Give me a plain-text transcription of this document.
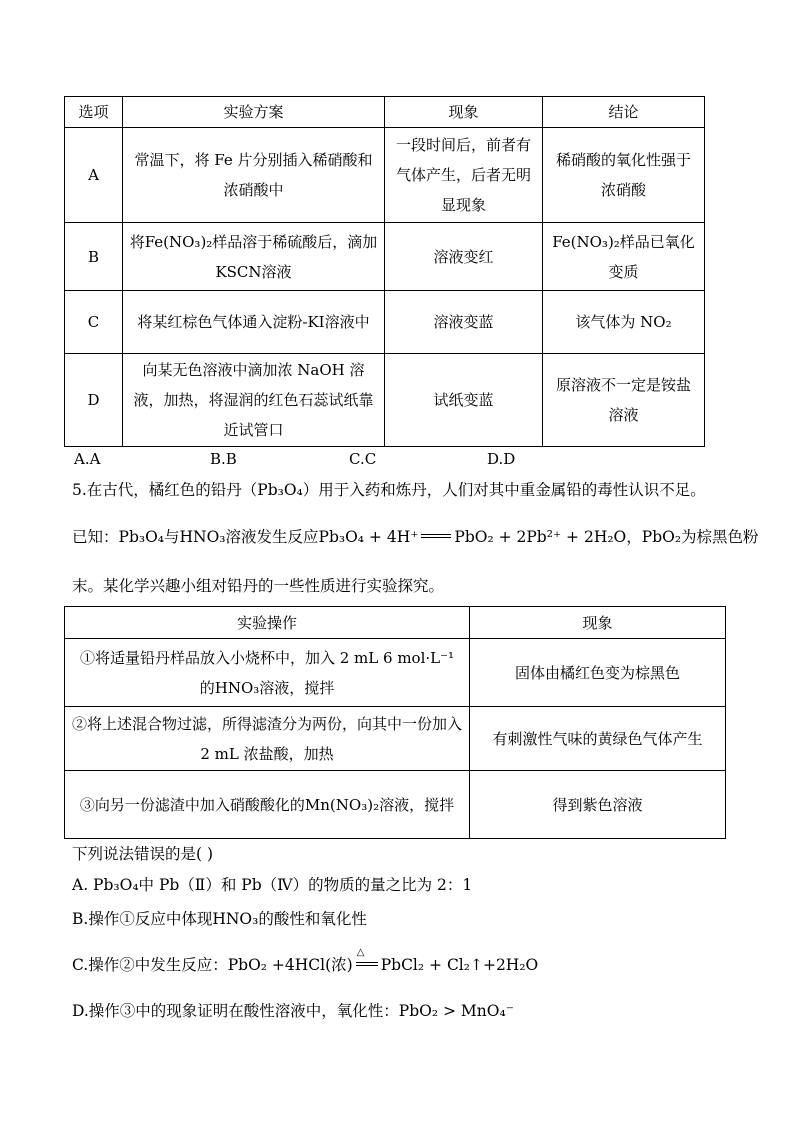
选项	实验方案	现象	结论
A	常温下，将 Fe 片分别插入稀硝酸和浓硝酸中	一段时间后，前者有气体产生，后者无明显现象	稀硝酸的氧化性强于浓硝酸
B	将Fe(NO₃)₂样品溶于稀硫酸后，滴加 KSCN溶液	溶液变红	Fe(NO₃)₂样品已氧化变质
C	将某红棕色气体通入淀粉-KI溶液中	溶液变蓝	该气体为 NO₂
D	向某无色溶液中滴加浓 NaOH 溶液，加热，将湿润的红色石蕊试纸靠近试管口	试纸变蓝	原溶液不一定是铵盐溶液
A.A	B.B	C.C	D.D
5.在古代，橘红色的铅丹（Pb₃O₄）用于入药和炼丹，人们对其中重金属铅的毒性认识不足。
已知：Pb₃O₄与HNO₃溶液发生反应Pb₃O₄ + 4H⁺ PbO₂ + 2Pb²⁺ + 2H₂O，PbO₂为棕黑色粉
末。某化学兴趣小组对铅丹的一些性质进行实验探究。
实验操作	现象
①将适量铅丹样品放入小烧杯中，加入 2 mL 6 mol·L⁻¹ 的HNO₃溶液，搅拌	固体由橘红色变为棕黑色
②将上述混合物过滤，所得滤渣分为两份，向其中一份加入 2 mL 浓盐酸，加热	有刺激性气味的黄绿色气体产生
③向另一份滤渣中加入硝酸酸化的Mn(NO₃)₂溶液，搅拌	得到紫色溶液
下列说法错误的是( )
A. Pb₃O₄中 Pb（Ⅱ）和 Pb（Ⅳ）的物质的量之比为 2：1
B.操作①反应中体现HNO₃的酸性和氧化性
C.操作②中发生反应：PbO₂ +4HCl(浓)
△
PbCl₂ + Cl₂↑+2H₂O
D.操作③中的现象证明在酸性溶液中，氧化性：PbO₂ > MnO₄⁻
